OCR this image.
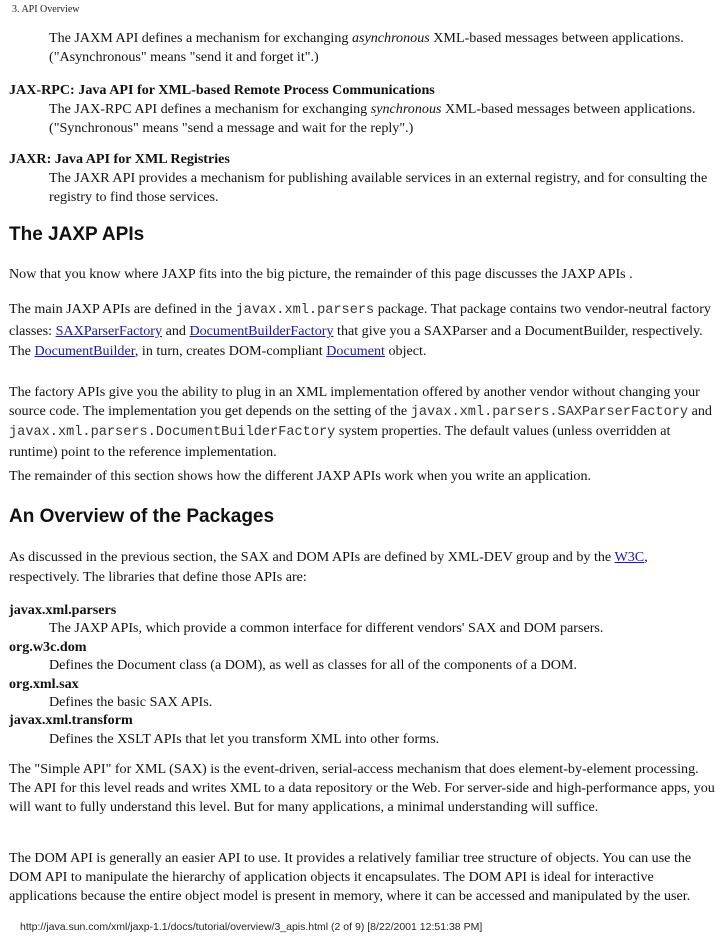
3. API Overview

The JAXM API defines a mechanism for exchanging asynchronous XML-based messages between applications. ("Asynchronous" means "send it and forget it".)

JAX-RPC: Java API for XML-based Remote Process Communications

The JAX-RPC API defines a mechanism for exchanging synchronous XML-based messages between applications. ("Synchronous" means "send a message and wait for the reply".)

JAXR: Java API for XML Registries

The JAXR API provides a mechanism for publishing available services in an external registry, and for consulting the registry to find those services.

The JAXP APIs

Now that you know where JAXP fits into the big picture, the remainder of this page discusses the JAXP APIs .

The main JAXP APIs are defined in the javax.xml.parsers package. That package contains two vendor-neutral factory classes: SAXParserFactory and DocumentBuilderFactory that give you a SAXParser and a DocumentBuilder, respectively. The DocumentBuilder, in turn, creates DOM-compliant Document object.

The factory APIs give you the ability to plug in an XML implementation offered by another vendor without changing your source code. The implementation you get depends on the setting of the javax.xml.parsers.SAXParserFactory and javax.xml.parsers.DocumentBuilderFactory system properties. The default values (unless overridden at runtime) point to the reference implementation.

The remainder of this section shows how the different JAXP APIs work when you write an application.

An Overview of the Packages

As discussed in the previous section, the SAX and DOM APIs are defined by XML-DEV group and by the W3C, respectively. The libraries that define those APIs are:

javax.xml.parsers

The JAXP APIs, which provide a common interface for different vendors' SAX and DOM parsers.

org.w3c.dom

Defines the Document class (a DOM), as well as classes for all of the components of a DOM.

org.xml.sax

Defines the basic SAX APIs.

javax.xml.transform

Defines the XSLT APIs that let you transform XML into other forms.

The "Simple API" for XML (SAX) is the event-driven, serial-access mechanism that does element-by-element processing. The API for this level reads and writes XML to a data repository or the Web. For server-side and high-performance apps, you will want to fully understand this level. But for many applications, a minimal understanding will suffice.

The DOM API is generally an easier API to use. It provides a relatively familiar tree structure of objects. You can use the DOM API to manipulate the hierarchy of application objects it encapsulates. The DOM API is ideal for interactive applications because the entire object model is present in memory, where it can be accessed and manipulated by the user.

http://java.sun.com/xml/jaxp-1.1/docs/tutorial/overview/3_apis.html (2 of 9) [8/22/2001 12:51:38 PM]
